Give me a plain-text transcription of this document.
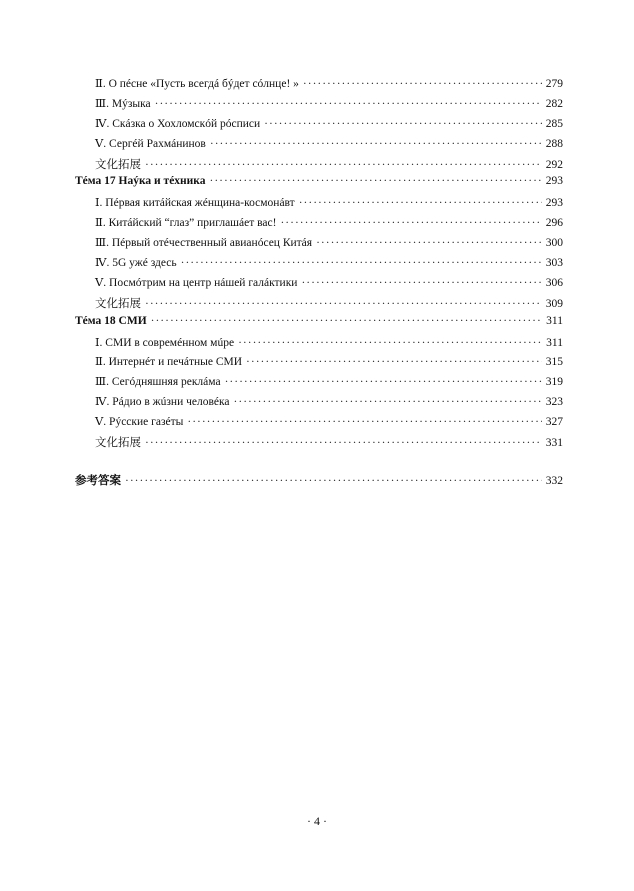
Ⅱ. О пéсне «Пусть всегдá бýдет сóлнце! » ·····	279
Ⅲ. Мýзыка ·····	282
Ⅳ. Скáзка о Хохломскóй рóсписи ·····	285
Ⅴ. Сергéй Рахмáнинов ·····	288
文化拓展 ·····	292
Тéма 17 Наýка и тéхника ·····	293
Ⅰ. Пéрвая китáйская жéнщина-космонáвт ·····	293
Ⅱ. Китáйский “глаз” приглашáет вас! ·····	296
Ⅲ. Пéрвый отéчественный авианóсец Китáя ·····	300
Ⅳ. 5G ужé здесь ·····	303
Ⅴ. Посмóтрим на центр нáшей галáктики ·····	306
文化拓展 ·····	309
Тéма 18 СМИ ·····	311
Ⅰ. СМИ в совремéнном мúре ·····	311
Ⅱ. Интернéт и печáтные СМИ ·····	315
Ⅲ. Сегóдняшняя реклáма ·····	319
Ⅳ. Рáдио в жúзни человéка ·····	323
Ⅴ. Рýсские газéты ·····	327
文化拓展 ·····	331
参考答案 ·····	332
· 4 ·
